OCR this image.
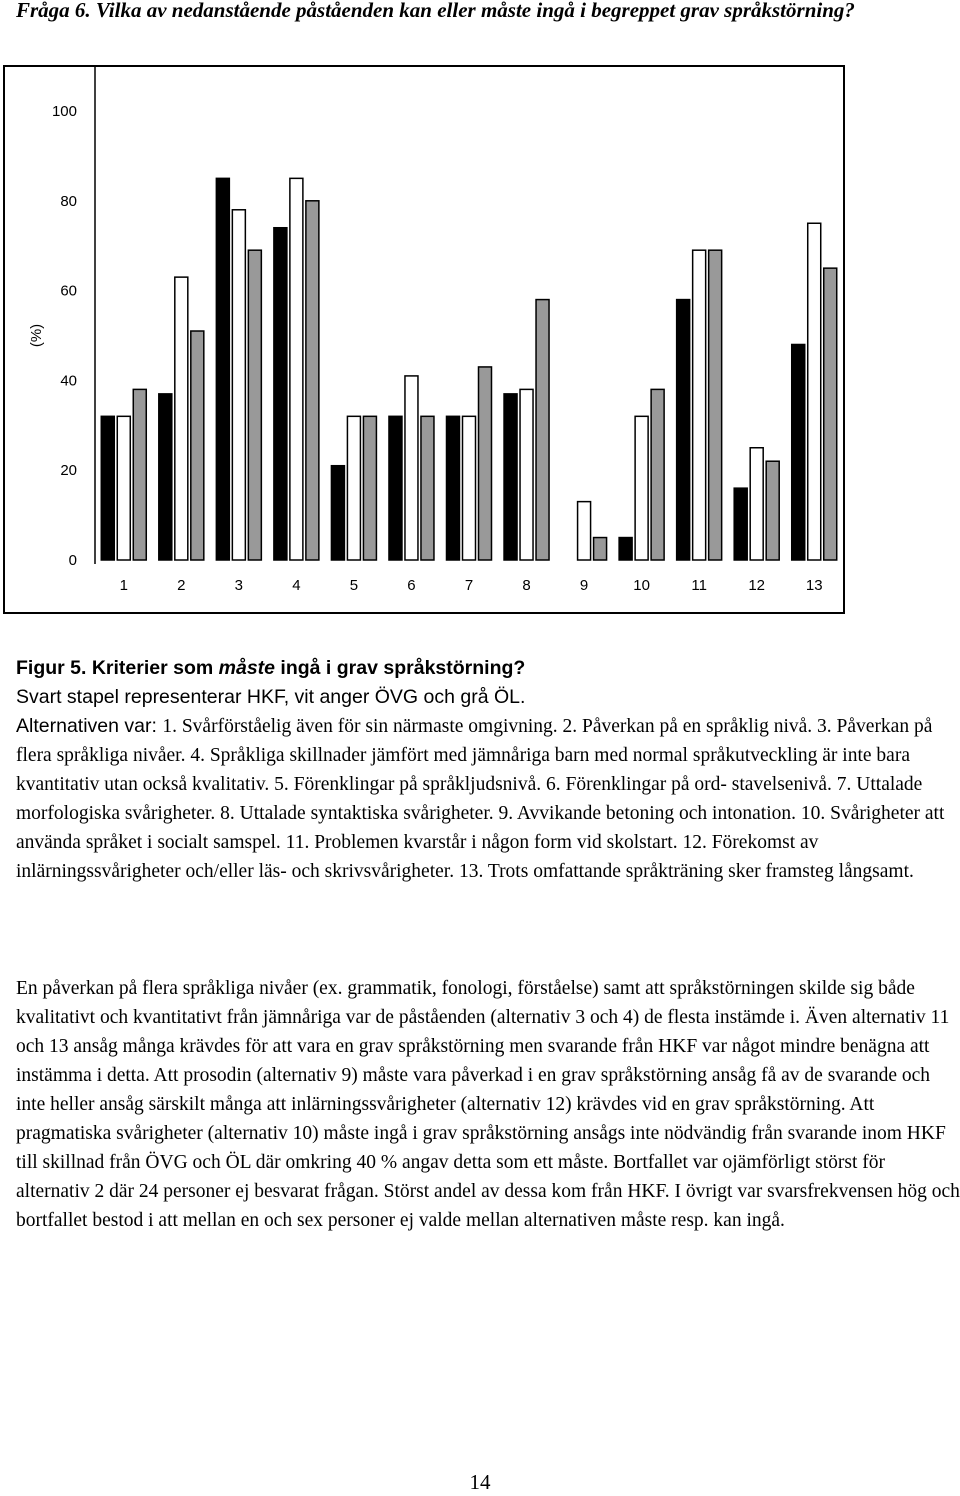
Fråga 6. Vilka av nedanstående påståenden kan eller måste ingå i begreppet grav språkstörning?
0
20
40
60
80
100
(%)
1	2	3	4	5	6	7	8	9	10	11	12	13

Figur 5. Kriterier som måste ingå i grav språkstörning?
Svart stapel representerar HKF, vit anger ÖVG och grå ÖL.
Alternativen var: 1. Svårförståelig även för sin närmaste omgivning. 2. Påverkan på en språklig nivå. 3. Påverkan på flera språkliga nivåer. 4. Språkliga skillnader jämfört med jämnåriga barn med normal språkutveckling är inte bara kvantitativ utan också kvalitativ. 5. Förenklingar på språkljudsnivå. 6. Förenklingar på ord- stavelsenivå. 7. Uttalade morfologiska svårigheter. 8. Uttalade syntaktiska svårigheter. 9. Avvikande betoning och intonation. 10. Svårigheter att använda språket i socialt samspel. 11. Problemen kvarstår i någon form vid skolstart. 12. Förekomst av inlärningssvårigheter och/eller läs- och skrivsvårigheter. 13. Trots omfattande språkträning sker framsteg långsamt.

En påverkan på flera språkliga nivåer (ex. grammatik, fonologi, förståelse) samt att språkstörningen skilde sig både kvalitativt och kvantitativt från jämnåriga var de påståenden (alternativ 3 och 4) de flesta instämde i. Även alternativ 11 och 13 ansåg många krävdes för att vara en grav språkstörning men svarande från HKF var något mindre benägna att instämma i detta. Att prosodin (alternativ 9) måste vara påverkad i en grav språkstörning ansåg få av de svarande och inte heller ansåg särskilt många att inlärningssvårigheter (alternativ 12) krävdes vid en grav språkstörning. Att pragmatiska svårigheter (alternativ 10) måste ingå i grav språkstörning ansågs inte nödvändig från svarande inom HKF till skillnad från ÖVG och ÖL där omkring 40 % angav detta som ett måste. Bortfallet var ojämförligt störst för alternativ 2 där 24 personer ej besvarat frågan. Störst andel av dessa kom från HKF. I övrigt var svarsfrekvensen hög och bortfallet bestod i att mellan en och sex personer ej valde mellan alternativen måste resp. kan ingå.

14
